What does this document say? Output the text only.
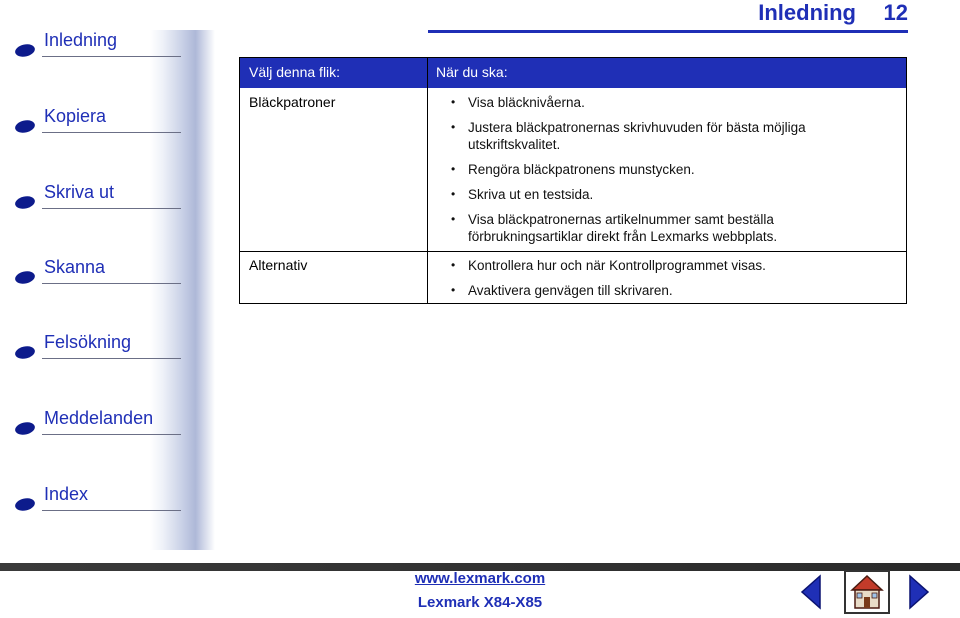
Inledning
Kopiera
Skriva ut
Skanna
Felsökning
Meddelanden
Index
Inledning 12
Välj denna flik:	När du ska:
Bläckpatroner	• Visa bläcknivåerna.
• Justera bläckpatronernas skrivhuvuden för bästa möjliga utskriftskvalitet.
• Rengöra bläckpatronens munstycken.
• Skriva ut en testsida.
• Visa bläckpatronernas artikelnummer samt beställa förbrukningsartiklar direkt från Lexmarks webbplats.
Alternativ	• Kontrollera hur och när Kontrollprogrammet visas.
• Avaktivera genvägen till skrivaren.
www.lexmark.com
Lexmark X84-X85
